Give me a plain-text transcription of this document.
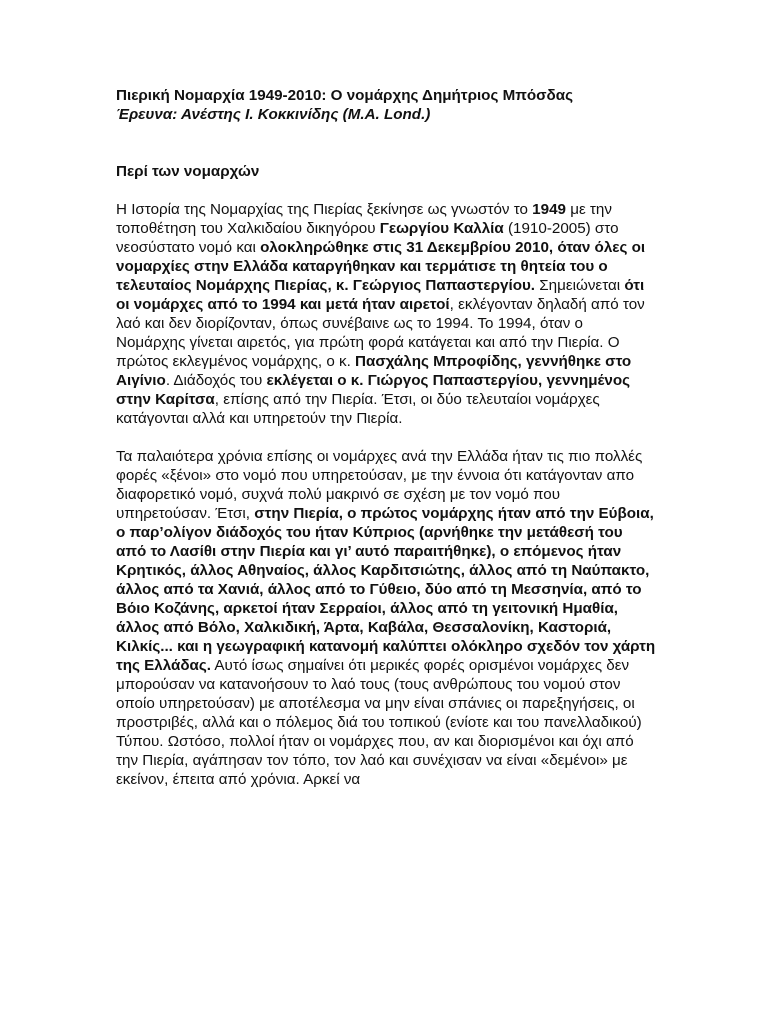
Πιερική Νομαρχία 1949-2010: Ο νομάρχης Δημήτριος Μπόσδας

Έρευνα: Ανέστης Ι. Κοκκινίδης (M.A. Lond.)

Περί των νομαρχών

Η Ιστορία της Νομαρχίας της Πιερίας ξεκίνησε ως γνωστόν το 1949 με την τοποθέτηση του Χαλκιδαίου δικηγόρου Γεωργίου Καλλία (1910-2005) στο νεοσύστατο νομό και ολοκληρώθηκε στις 31 Δεκεμβρίου 2010, όταν όλες οι νομαρχίες στην Ελλάδα καταργήθηκαν και τερμάτισε τη θητεία του ο τελευταίος Νομάρχης Πιερίας, κ. Γεώργιος Παπαστεργίου. Σημειώνεται ότι οι νομάρχες από το 1994 και μετά ήταν αιρετοί, εκλέγονταν δηλαδή από τον λαό και δεν διορίζονταν, όπως συνέβαινε ως το 1994. Το 1994, όταν ο Νομάρχης γίνεται αιρετός, για πρώτη φορά κατάγεται και από την Πιερία. Ο πρώτος εκλεγμένος νομάρχης, ο κ. Πασχάλης Μπροφίδης, γεννήθηκε στο Αιγίνιο. Διάδοχός του εκλέγεται ο κ. Γιώργος Παπαστεργίου, γεννημένος στην Καρίτσα, επίσης από την Πιερία. Έτσι, οι δύο τελευταίοι νομάρχες κατάγονται αλλά και υπηρετούν την Πιερία.

Τα παλαιότερα χρόνια επίσης οι νομάρχες ανά την Ελλάδα ήταν τις πιο πολλές φορές «ξένοι» στο νομό που υπηρετούσαν, με την έννοια ότι κατάγονταν απο διαφορετικό νομό, συχνά πολύ μακρινό σε σχέση με τον νομό που υπηρετούσαν. Έτσι, στην Πιερία, ο πρώτος νομάρχης ήταν από την Εύβοια, ο παρ’ολίγον διάδοχός του ήταν Κύπριος (αρνήθηκε την μετάθεσή του από το Λασίθι στην Πιερία και γι’ αυτό παραιτήθηκε), ο επόμενος ήταν Κρητικός, άλλος Αθηναίος, άλλος Καρδιτσιώτης, άλλος από τη Ναύπακτο, άλλος από τα Χανιά, άλλος από το Γύθειο, δύο από τη Μεσσηνία, από το Βόιο Κοζάνης, αρκετοί ήταν Σερραίοι, άλλος από τη γειτονική Ημαθία, άλλος από Βόλο, Χαλκιδική, Άρτα, Καβάλα, Θεσσαλονίκη, Καστοριά, Κιλκίς... και η γεωγραφική κατανομή καλύπτει ολόκληρο σχεδόν τον χάρτη της Ελλάδας. Αυτό ίσως σημαίνει ότι μερικές φορές ορισμένοι νομάρχες δεν μπορούσαν να κατανοήσουν το λαό τους (τους ανθρώπους του νομού στον οποίο υπηρετούσαν) με αποτέλεσμα να μην είναι σπάνιες οι παρεξηγήσεις, οι προστριβές, αλλά και ο πόλεμος διά του τοπικού (ενίοτε και του πανελλαδικού) Τύπου. Ωστόσο, πολλοί ήταν οι νομάρχες που, αν και διορισμένοι και όχι από την Πιερία, αγάπησαν τον τόπο, τον λαό και συνέχισαν να είναι «δεμένοι» με εκείνον, έπειτα από χρόνια. Αρκεί να
